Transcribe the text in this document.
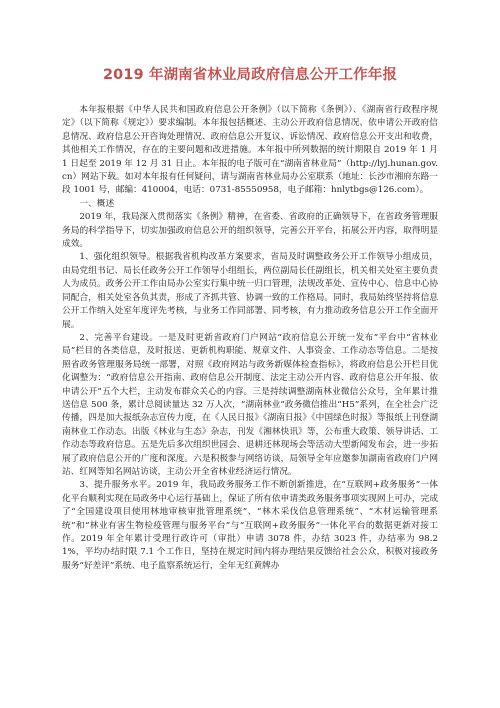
2019 年湖南省林业局政府信息公开工作年报

本年报根据《中华人民共和国政府信息公开条例》（以下简称《条例》）、《湖南省行政程序规定》（以下简称《规定》）要求编制。本年报包括概述、主动公开政府信息情况、依申请公开政府信息情况、政府信息公开咨询处理情况、政府信息公开复议、诉讼情况、政府信息公开支出和收费，其他相关工作情况，存在的主要问题和改进措施。本年报中所列数据的统计期限自 2019 年 1 月 1 日起至 2019 年 12 月 31 日止。本年报的电子版可在“湖南省林业局”（http://lyj.hunan.gov.cn）网站下载。如对本年报有任何疑问，请与湖南省林业局办公室联系（地址：长沙市湘府东路一段 1001 号，邮编：410004，电话：0731-85550958，电子邮箱：hnlytbgs@126.com）。

一、概述

2019 年，我局深入贯彻落实《条例》精神，在省委、省政府的正确领导下，在省政务管理服务局的科学指导下，切实加强政府信息公开的组织领导，完善公开平台，拓展公开内容，取得明显成效。

1、强化组织领导。根据我省机构改革方案要求，省局及时调整政务公开工作领导小组成员，由局党组书记、局长任政务公开工作领导小组组长，两位副局长任副组长，机关相关处室主要负责人为成员。政务公开工作由局办公室实行集中统一归口管理，法规改革处、宣传中心、信息中心协同配合，相关处室各负其责，形成了齐抓共管、协调一致的工作格局。同时，我局始终坚持将信息公开工作纳入处室年度评先考核，与业务工作同部署、同考核，有力推动政务信息公开工作全面开展。

2、完善平台建设。一是及时更新省政府门户网站“政府信息公开统一发布”平台中“省林业局”栏目的各类信息，及时报送、更新机构职能、规章文件、人事资金、工作动态等信息。二是按照省政务管理服务局统一部署，对照《政府网站与政务新媒体检查指标》，将政府信息公开栏目优化调整为：“政府信息公开指南、政府信息公开制度、法定主动公开内容、政府信息公开年报、依申请公开”五个大栏，主动发布群众关心的内容。三是持续调整湖南林业微信公众号，全年累计推送信息 500 条，累计总阅读量达 32 万人次，“湖南林业”政务微信推出“H5”系列，在全社会广泛传播，四是加大报纸杂志宣传力度，在《人民日报》《湖南日报》《中国绿色时报》等报纸上刊登湖南林业工作动态。出版《林业与生态》杂志，刊发《湘林快讯》等，公布重大政策、领导讲话、工作动态等政府信息。五是先后多次组织世园会、退耕还林现场会等活动大型新闻发布会，进一步拓展了政府信息公开的广度和深度。六是积极参与网络访谈，局领导全年应邀参加湖南省政府门户网站、红网等知名网站访谈，主动公开全省林业经济运行情况。

3、提升服务水平。2019 年，我局政务服务工作不断创新推进，在“互联网+政务服务”一体化平台顺利实现在局政务中心运行基础上，保证了所有依申请类政务服务事项实现网上可办，完成了“全国建设项目使用林地审核审批管理系统”、“林木采伐信息管理系统”、“木材运输管理系统”和“林业有害生物检疫管理与服务平台”与“互联网+政务服务”一体化平台的数据更新对接工作。2019 年全年累计受理行政许可（审批）申请 3078 件，办结 3023 件，办结率为 98.21%，平均办结时限 7.1 个工作日，坚持在规定时间内将办理结果反馈给社会公众，积极对接政务服务“好差评”系统、电子监察系统运行，全年无红黄牌办
